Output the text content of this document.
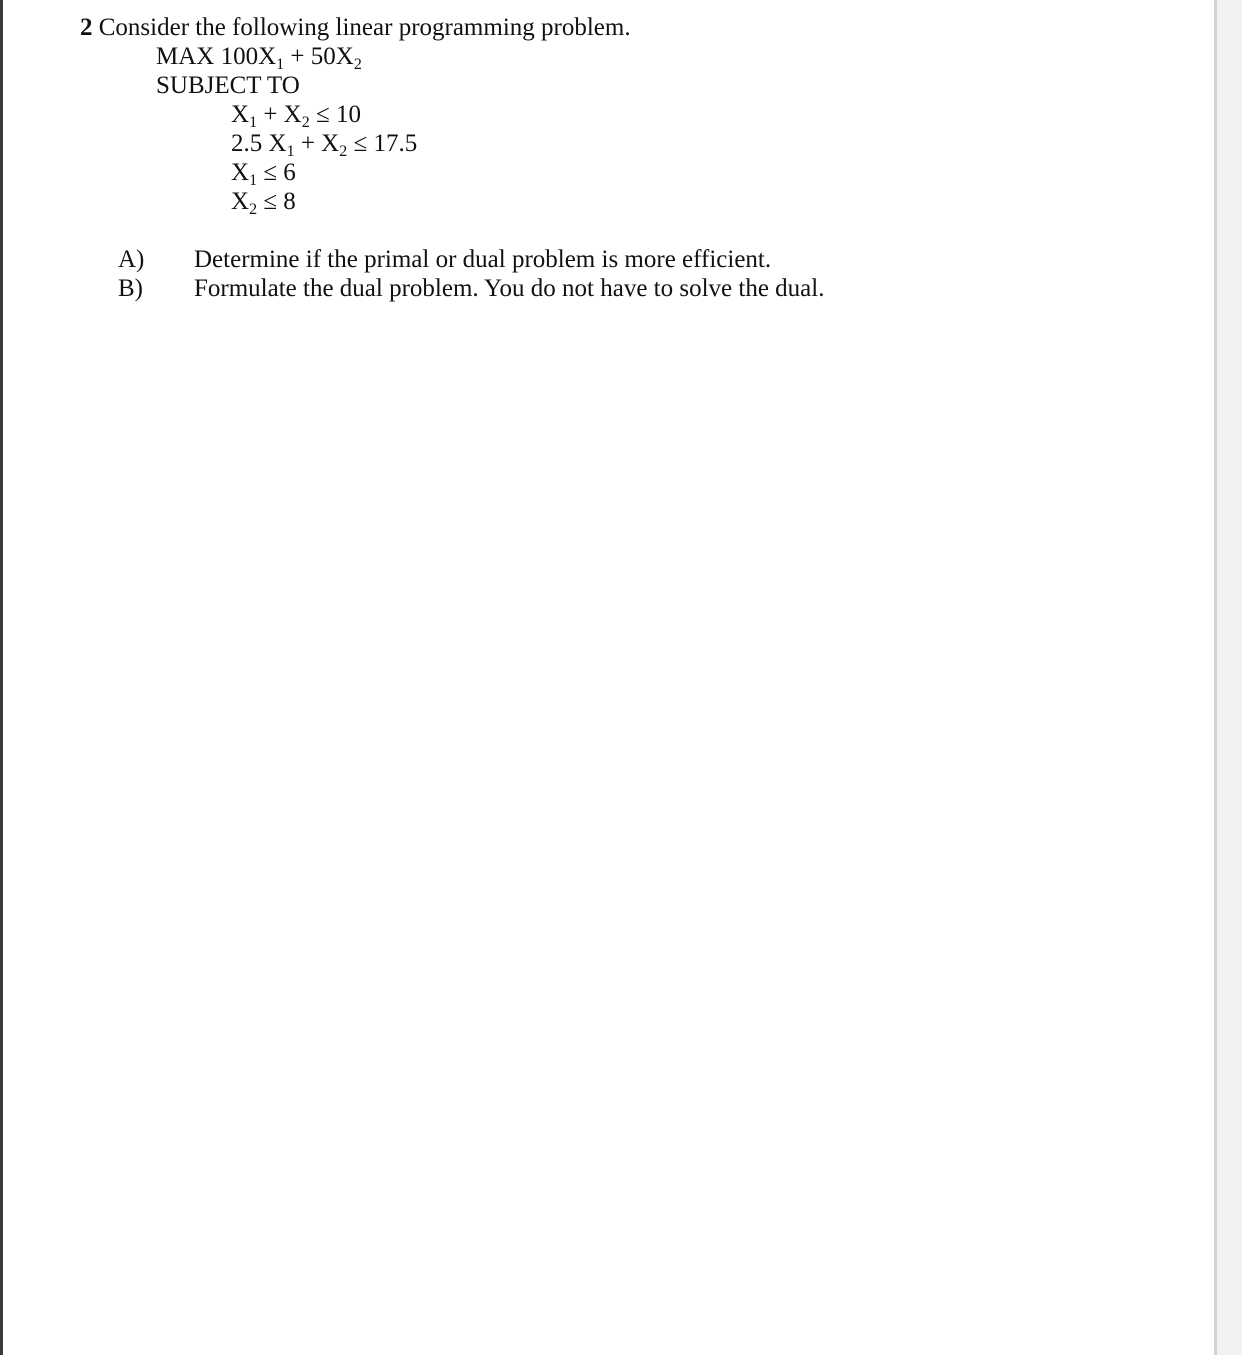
2 Consider the following linear programming problem.
MAX $100X_1 + 50X_2$
SUBJECT TO
$X_1 + X_2 \le 10$
2.5 $X_1 + X_2 \le 17.5$
$X_1 \le 6$
$X_2 \le 8$
A) Determine if the primal or dual problem is more efficient.
B) Formulate the dual problem. You do not have to solve the dual.
